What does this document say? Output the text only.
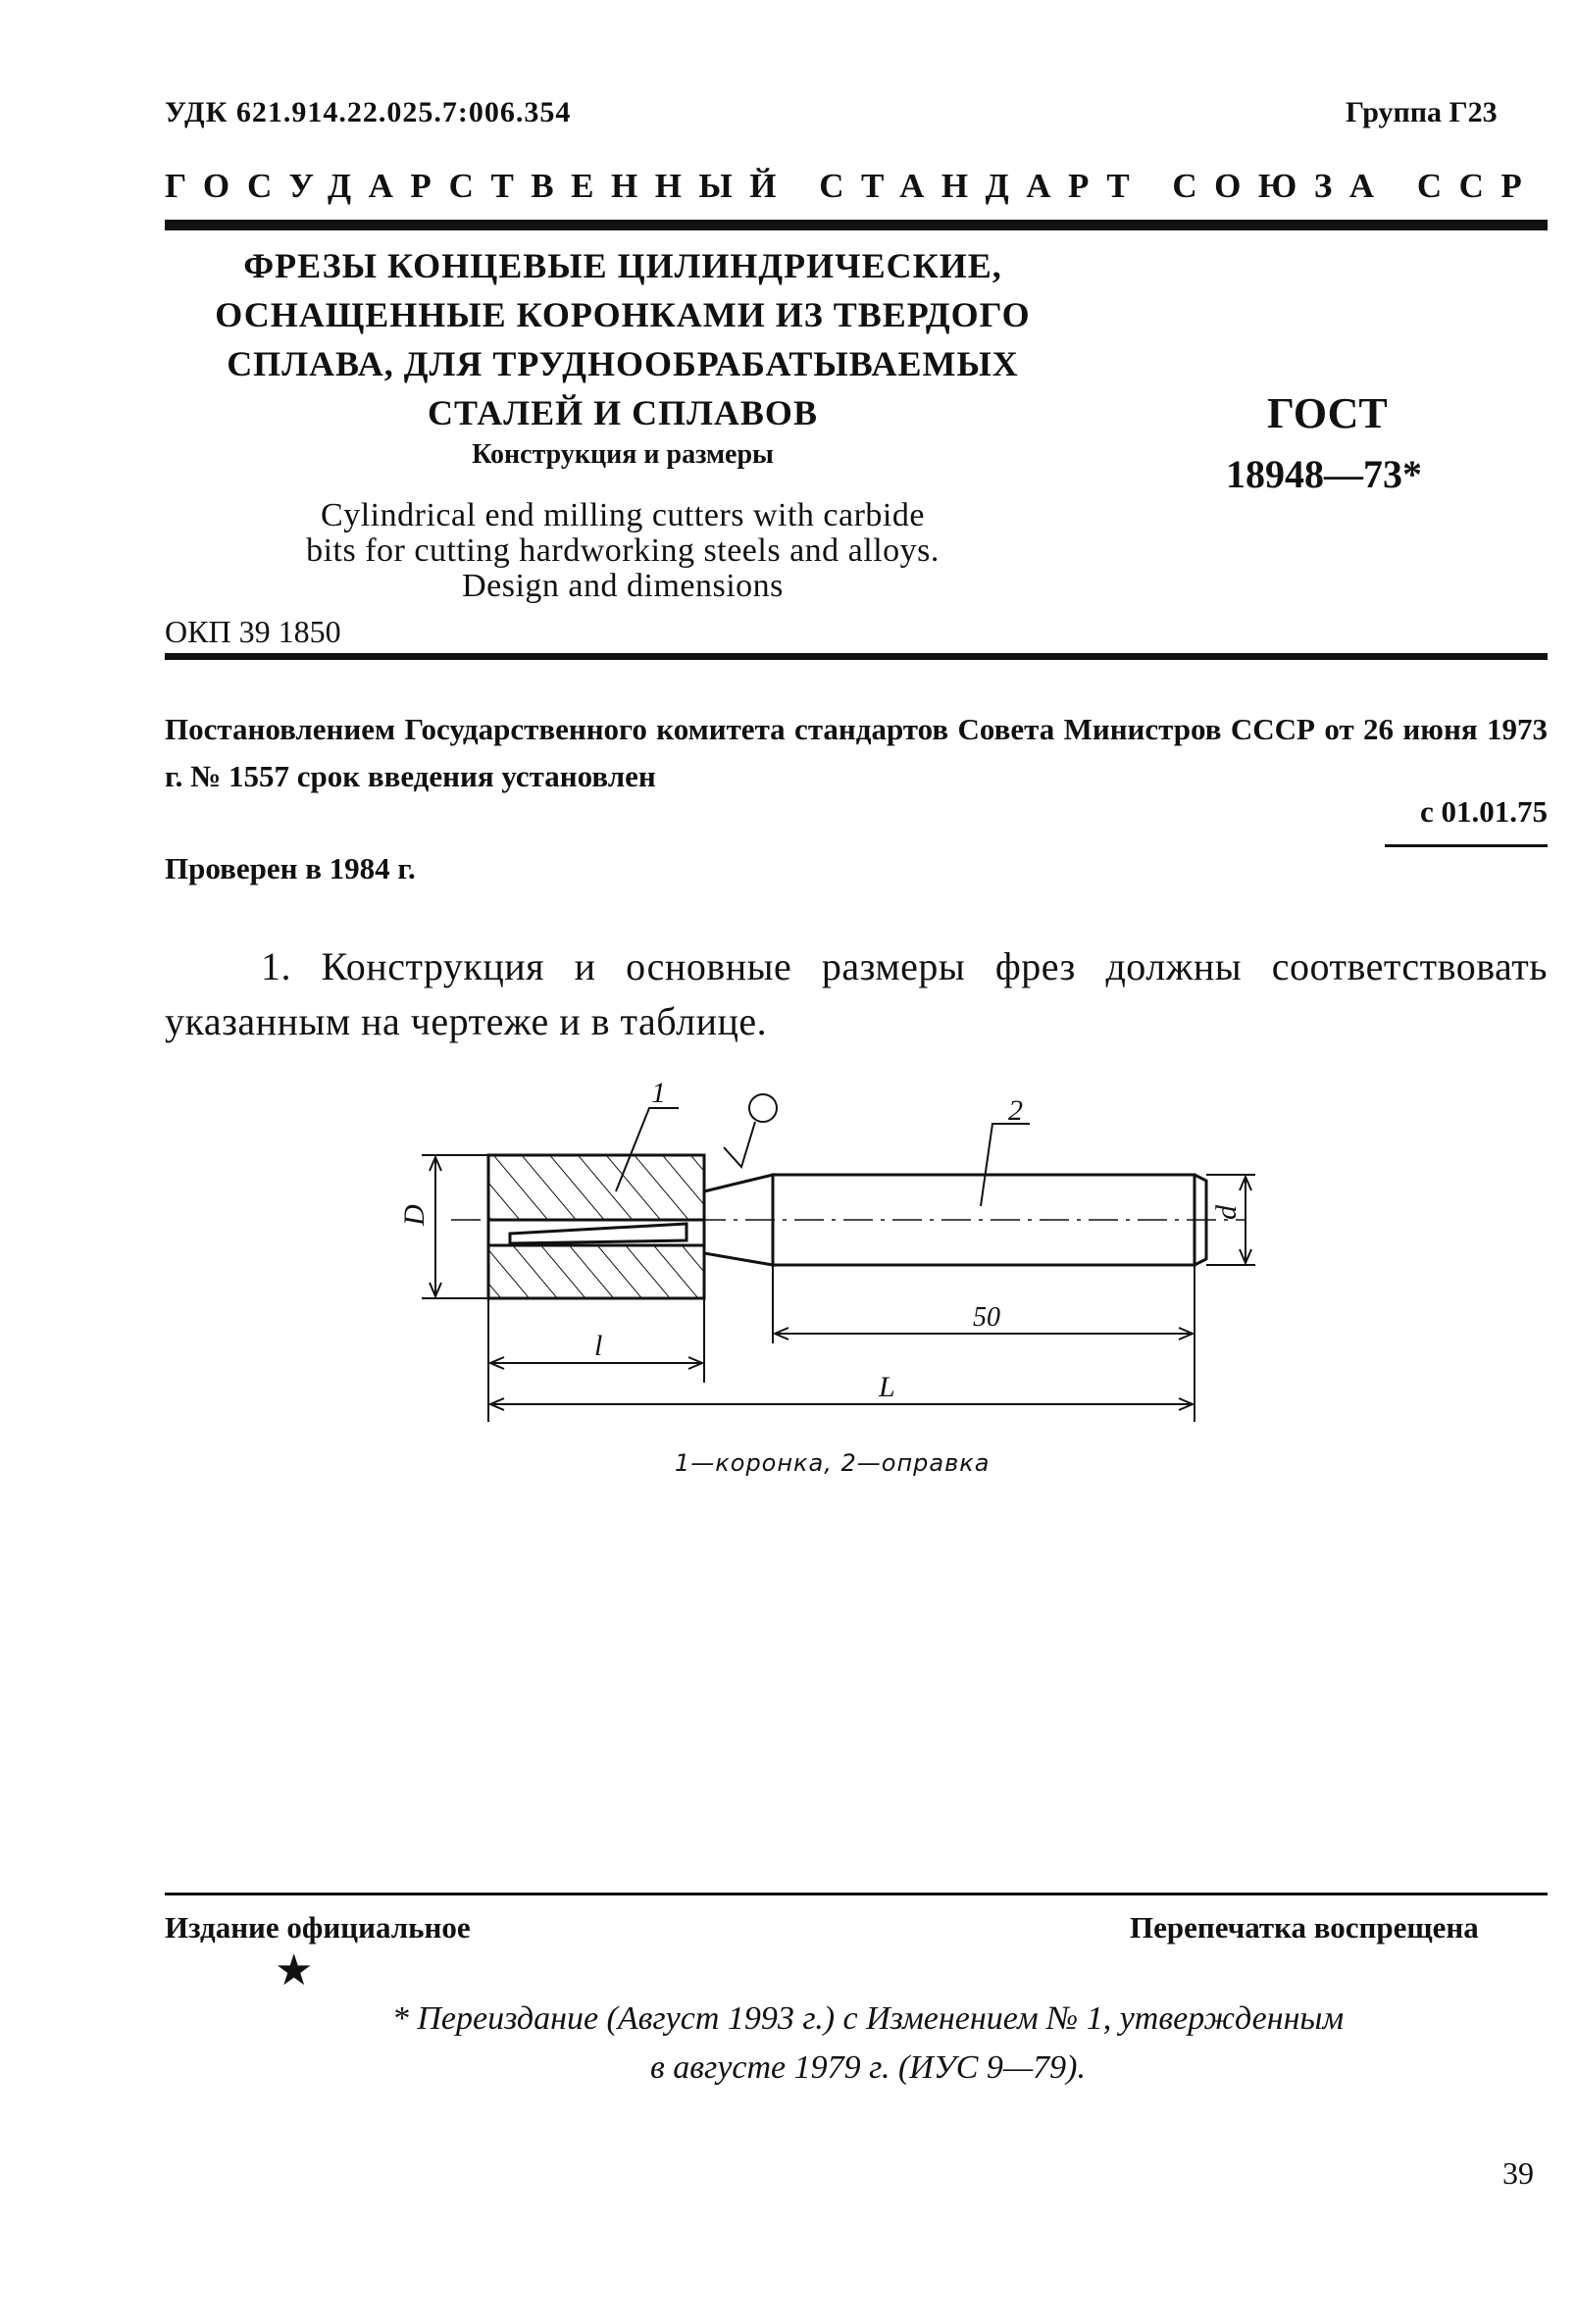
УДК 621.914.22.025.7:006.354	Группа Г23
ГОСУДАРСТВЕННЫЙ СТАНДАРТ СОЮЗА ССР
ФРЕЗЫ КОНЦЕВЫЕ ЦИЛИНДРИЧЕСКИЕ,
ОСНАЩЕННЫЕ КОРОНКАМИ ИЗ ТВЕРДОГО
СПЛАВА, ДЛЯ ТРУДНООБРАБАТЫВАЕМЫХ
СТАЛЕЙ И СПЛАВОВ
Конструкция и размеры
Cylindrical end milling cutters with carbide
bits for cutting hardworking steels and alloys.
Design and dimensions
ГОСТ
18948—73*
ОКП 39 1850
Постановлением Государственного комитета стандартов Совета Министров СССР от 26 июня 1973 г. № 1557 срок введения установлен
с 01.01.75
Проверен в 1984 г.
1. Конструкция и основные размеры фрез должны соответствовать указанным на чертеже и в таблице.
1
2
D	d
50
l
L
1—коронка, 2—оправка
Издание официальное	Перепечатка воспрещена
★
* Переиздание (Август 1993 г.) с Изменением № 1, утвержденным
в августе 1979 г. (ИУС 9—79).
39
